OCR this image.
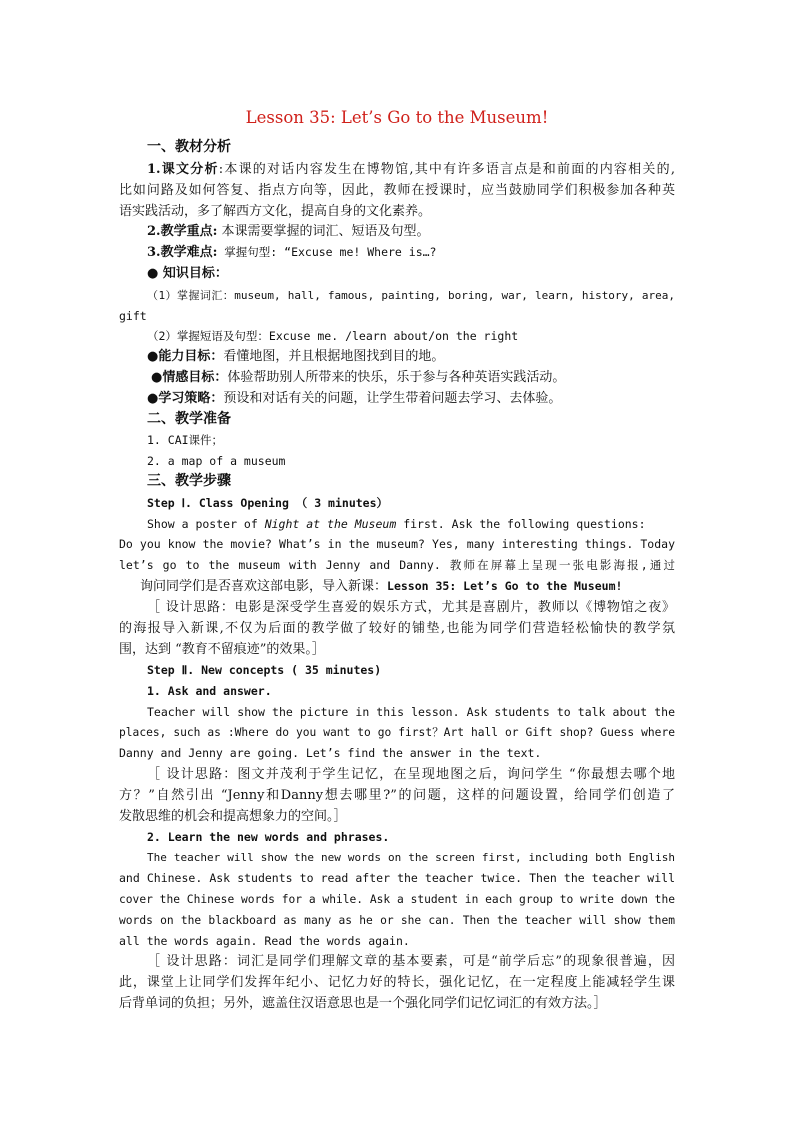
Lesson 35: Let’s Go to the Museum!
一、教材分析
1.课文分析:本课的对话内容发生在博物馆,其中有许多语言点是和前面的内容相关的,
比如问路及如何答复、指点方向等，因此，教师在授课时，应当鼓励同学们积极参加各种英
语实践活动，多了解西方文化，提高自身的文化素养。
2.教学重点: 本课需要掌握的词汇、短语及句型。
3.教学难点: 掌握句型: “Excuse me! Where is…?
● 知识目标：
（1）掌握词汇：museum, hall, famous, painting, boring, war, learn, history, area,
gift
（2）掌握短语及句型：Excuse me. /learn about/on the right
●能力目标：看懂地图，并且根据地图找到目的地。
●情感目标：体验帮助别人所带来的快乐，乐于参与各种英语实践活动。
●学习策略：预设和对话有关的问题，让学生带着问题去学习、去体验。
二、教学准备
1. CAI课件；
2. a map of a museum
三、教学步骤
Step Ⅰ. Class Opening （ 3 minutes）
Show a poster of Night at the Museum first. Ask the following questions:
Do you know the movie? What’s in the museum? Yes, many interesting things. Today
let’s go to the museum with Jenny and Danny. 教师在屏幕上呈现一张电影海报,通过
询问同学们是否喜欢这部电影，导入新课：Lesson 35: Let’s Go to the Museum!
［ 设计思路：电影是深受学生喜爱的娱乐方式，尤其是喜剧片，教师以《博物馆之夜》
的海报导入新课,不仅为后面的教学做了较好的铺垫,也能为同学们营造轻松愉快的教学氛
围，达到 “教育不留痕迹”的效果。］
Step Ⅱ. New concepts ( 35 minutes)
1. Ask and answer.
Teacher will show the picture in this lesson. Ask students to talk about the
places, such as :Where do you want to go first？Art hall or Gift shop? Guess where
Danny and Jenny are going. Let’s find the answer in the text.
［ 设计思路：图文并茂利于学生记忆，在呈现地图之后，询问学生 “你最想去哪个地
方？”自然引出 “Jenny和Danny想去哪里?”的问题，这样的问题设置，给同学们创造了
发散思维的机会和提高想象力的空间。］
2. Learn the new words and phrases.
The teacher will show the new words on the screen first, including both English
and Chinese. Ask students to read after the teacher twice. Then the teacher will
cover the Chinese words for a while. Ask a student in each group to write down the
words on the blackboard as many as he or she can. Then the teacher will show them
all the words again. Read the words again.
［ 设计思路：词汇是同学们理解文章的基本要素，可是“前学后忘”的现象很普遍，因
此，课堂上让同学们发挥年纪小、记忆力好的特长，强化记忆，在一定程度上能减轻学生课
后背单词的负担；另外，遮盖住汉语意思也是一个强化同学们记忆词汇的有效方法。］
